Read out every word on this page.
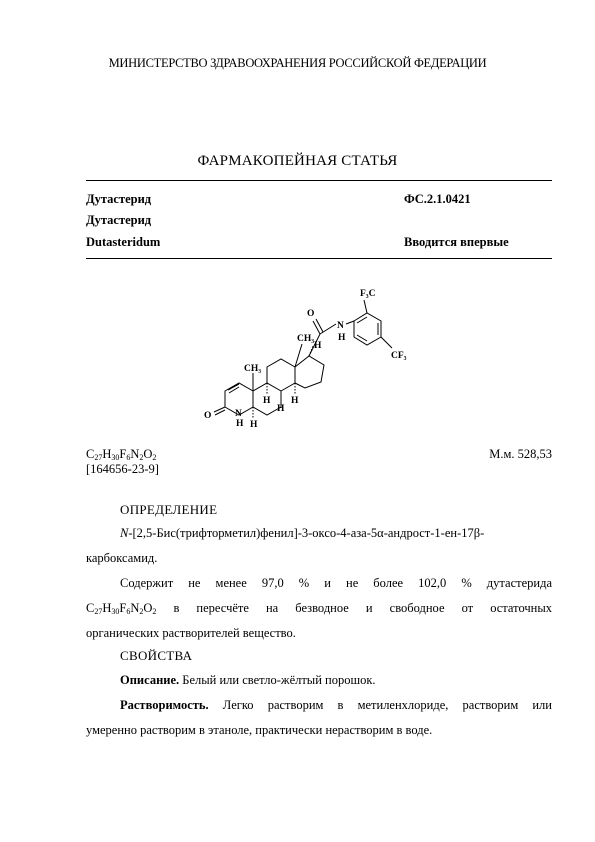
МИНИСТЕРСТВО ЗДРАВООХРАНЕНИЯ РОССИЙСКОЙ ФЕДЕРАЦИИ
ФАРМАКОПЕЙНАЯ СТАТЬЯ
Дутастерид	ФС.2.1.0421
Дутастерид
Dutasteridum	Вводится впервые
F₃C
CF₃
O
N
H
CH₃
CH₃
H
H
H
H
H
O N
H
$C_{27}H_{30}F_6N_2O_2$
[164656-23-9]
М.м. 528,53
ОПРЕДЕЛЕНИЕ
N-[2,5-Бис(трифторметил)фенил]-3-оксо-4-аза-5α-андрост-1-ен-17β-
карбоксамид.
Содержит не менее 97,0 % и не более 102,0 % дутастерида
$C_{27}H_{30}F_6N_2O_2$ в пересчёте на безводное и свободное от остаточных
органических растворителей вещество.
СВОЙСТВА
Описание. Белый или светло-жёлтый порошок.
Растворимость. Легко растворим в метиленхлориде, растворим или
умеренно растворим в этаноле, практически нерастворим в воде.
